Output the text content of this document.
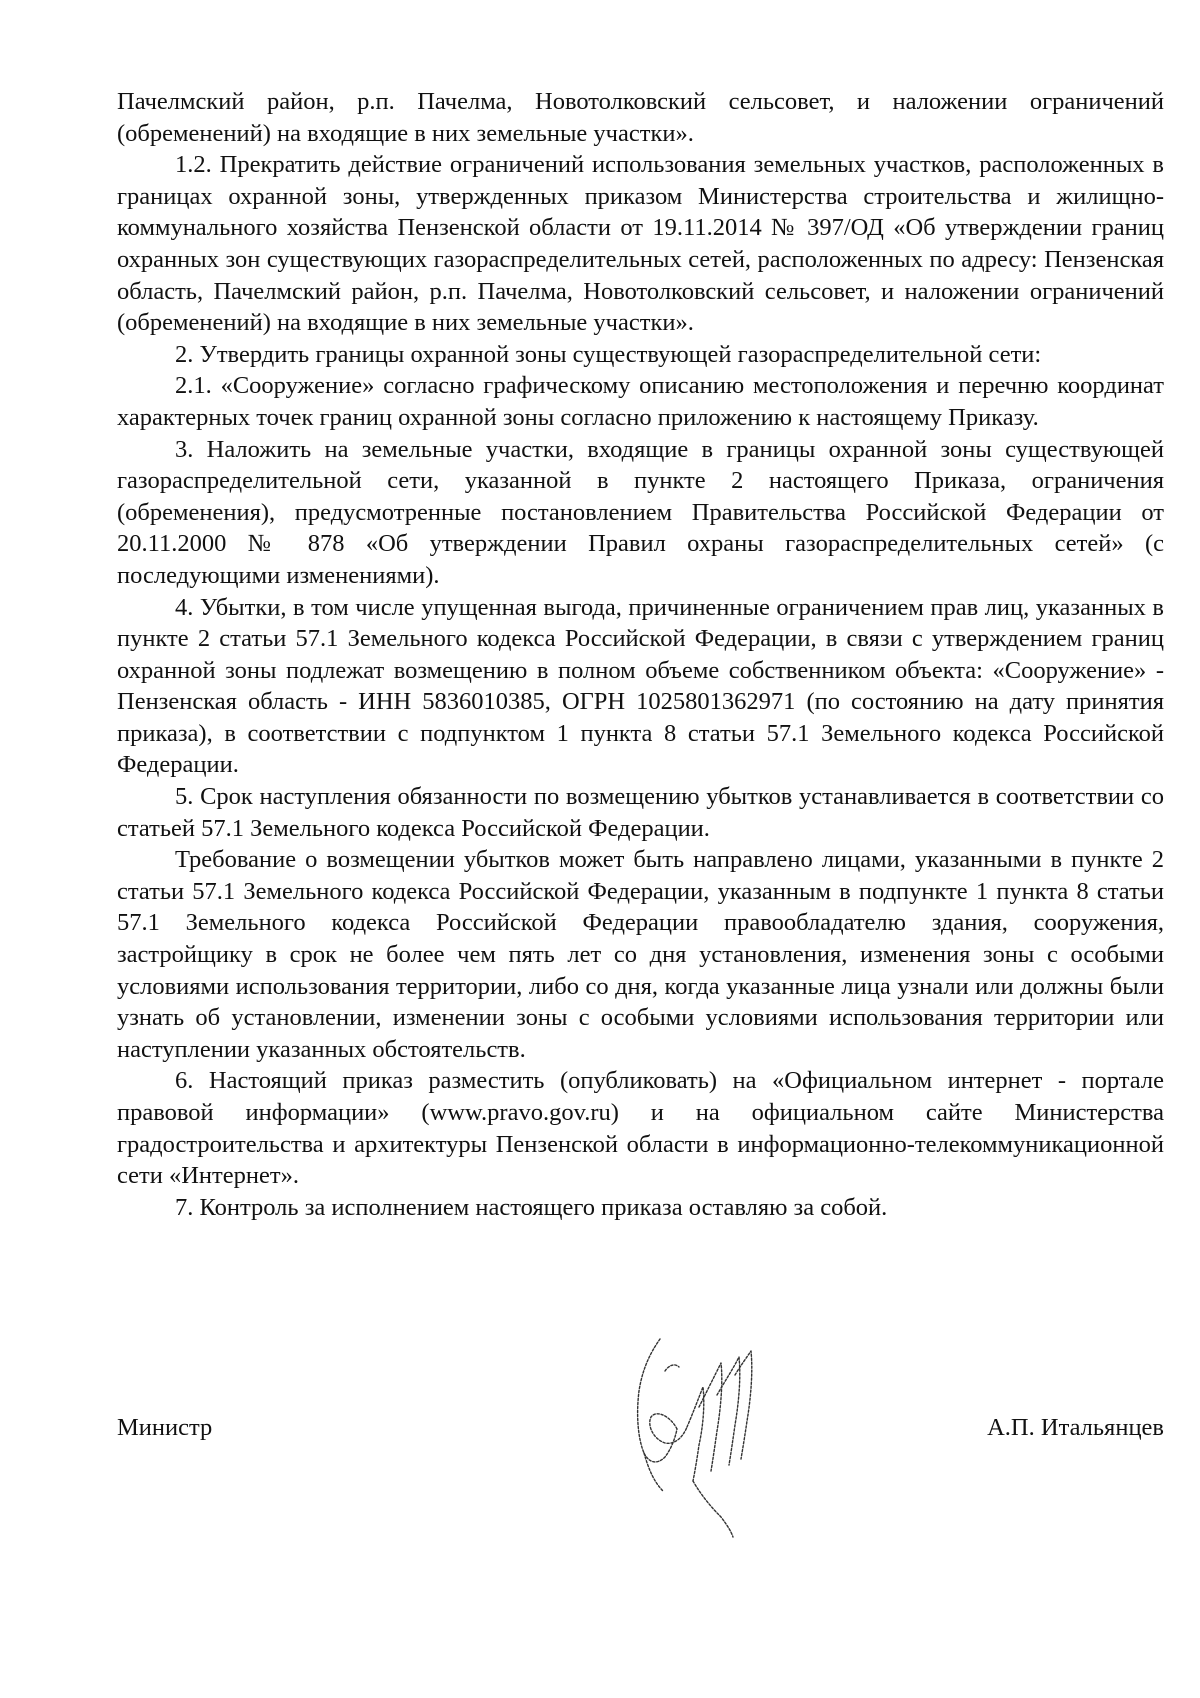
Пачелмский район, р.п. Пачелма, Новотолковский сельсовет, и наложении ограничений (обременений) на входящие в них земельные участки».

1.2. Прекратить действие ограничений использования земельных участков, расположенных в границах охранной зоны, утвержденных приказом Министерства строительства и жилищно-коммунального хозяйства Пензенской области от 19.11.2014 № 397/ОД «Об утверждении границ охранных зон существующих газораспределительных сетей, расположенных по адресу: Пензенская область, Пачелмский район, р.п. Пачелма, Новотолковский сельсовет, и наложении ограничений (обременений) на входящие в них земельные участки».

2. Утвердить границы охранной зоны существующей газораспределительной сети:

2.1. «Сооружение» согласно графическому описанию местоположения и перечню координат характерных точек границ охранной зоны согласно приложению к настоящему Приказу.

3. Наложить на земельные участки, входящие в границы охранной зоны существующей газораспределительной сети, указанной в пункте 2 настоящего Приказа, ограничения (обременения), предусмотренные постановлением Правительства Российской Федерации от 20.11.2000 № 878 «Об утверждении Правил охраны газораспределительных сетей» (с последующими изменениями).

4. Убытки, в том числе упущенная выгода, причиненные ограничением прав лиц, указанных в пункте 2 статьи 57.1 Земельного кодекса Российской Федерации, в связи с утверждением границ охранной зоны подлежат возмещению в полном объеме собственником объекта: «Сооружение» - Пензенская область - ИНН 5836010385, ОГРН 1025801362971 (по состоянию на дату принятия приказа), в соответствии с подпунктом 1 пункта 8 статьи 57.1 Земельного кодекса Российской Федерации.

5. Срок наступления обязанности по возмещению убытков устанавливается в соответствии со статьей 57.1 Земельного кодекса Российской Федерации.

Требование о возмещении убытков может быть направлено лицами, указанными в пункте 2 статьи 57.1 Земельного кодекса Российской Федерации, указанным в подпункте 1 пункта 8 статьи 57.1 Земельного кодекса Российской Федерации правообладателю здания, сооружения, застройщику в срок не более чем пять лет со дня установления, изменения зоны с особыми условиями использования территории, либо со дня, когда указанные лица узнали или должны были узнать об установлении, изменении зоны с особыми условиями использования территории или наступлении указанных обстоятельств.

6. Настоящий приказ разместить (опубликовать) на «Официальном интернет - портале правовой информации» (www.pravo.gov.ru) и на официальном сайте Министерства градостроительства и архитектуры Пензенской области в информационно-телекоммуникационной сети «Интернет».

7. Контроль за исполнением настоящего приказа оставляю за собой.

Министр	А.П. Итальянцев
